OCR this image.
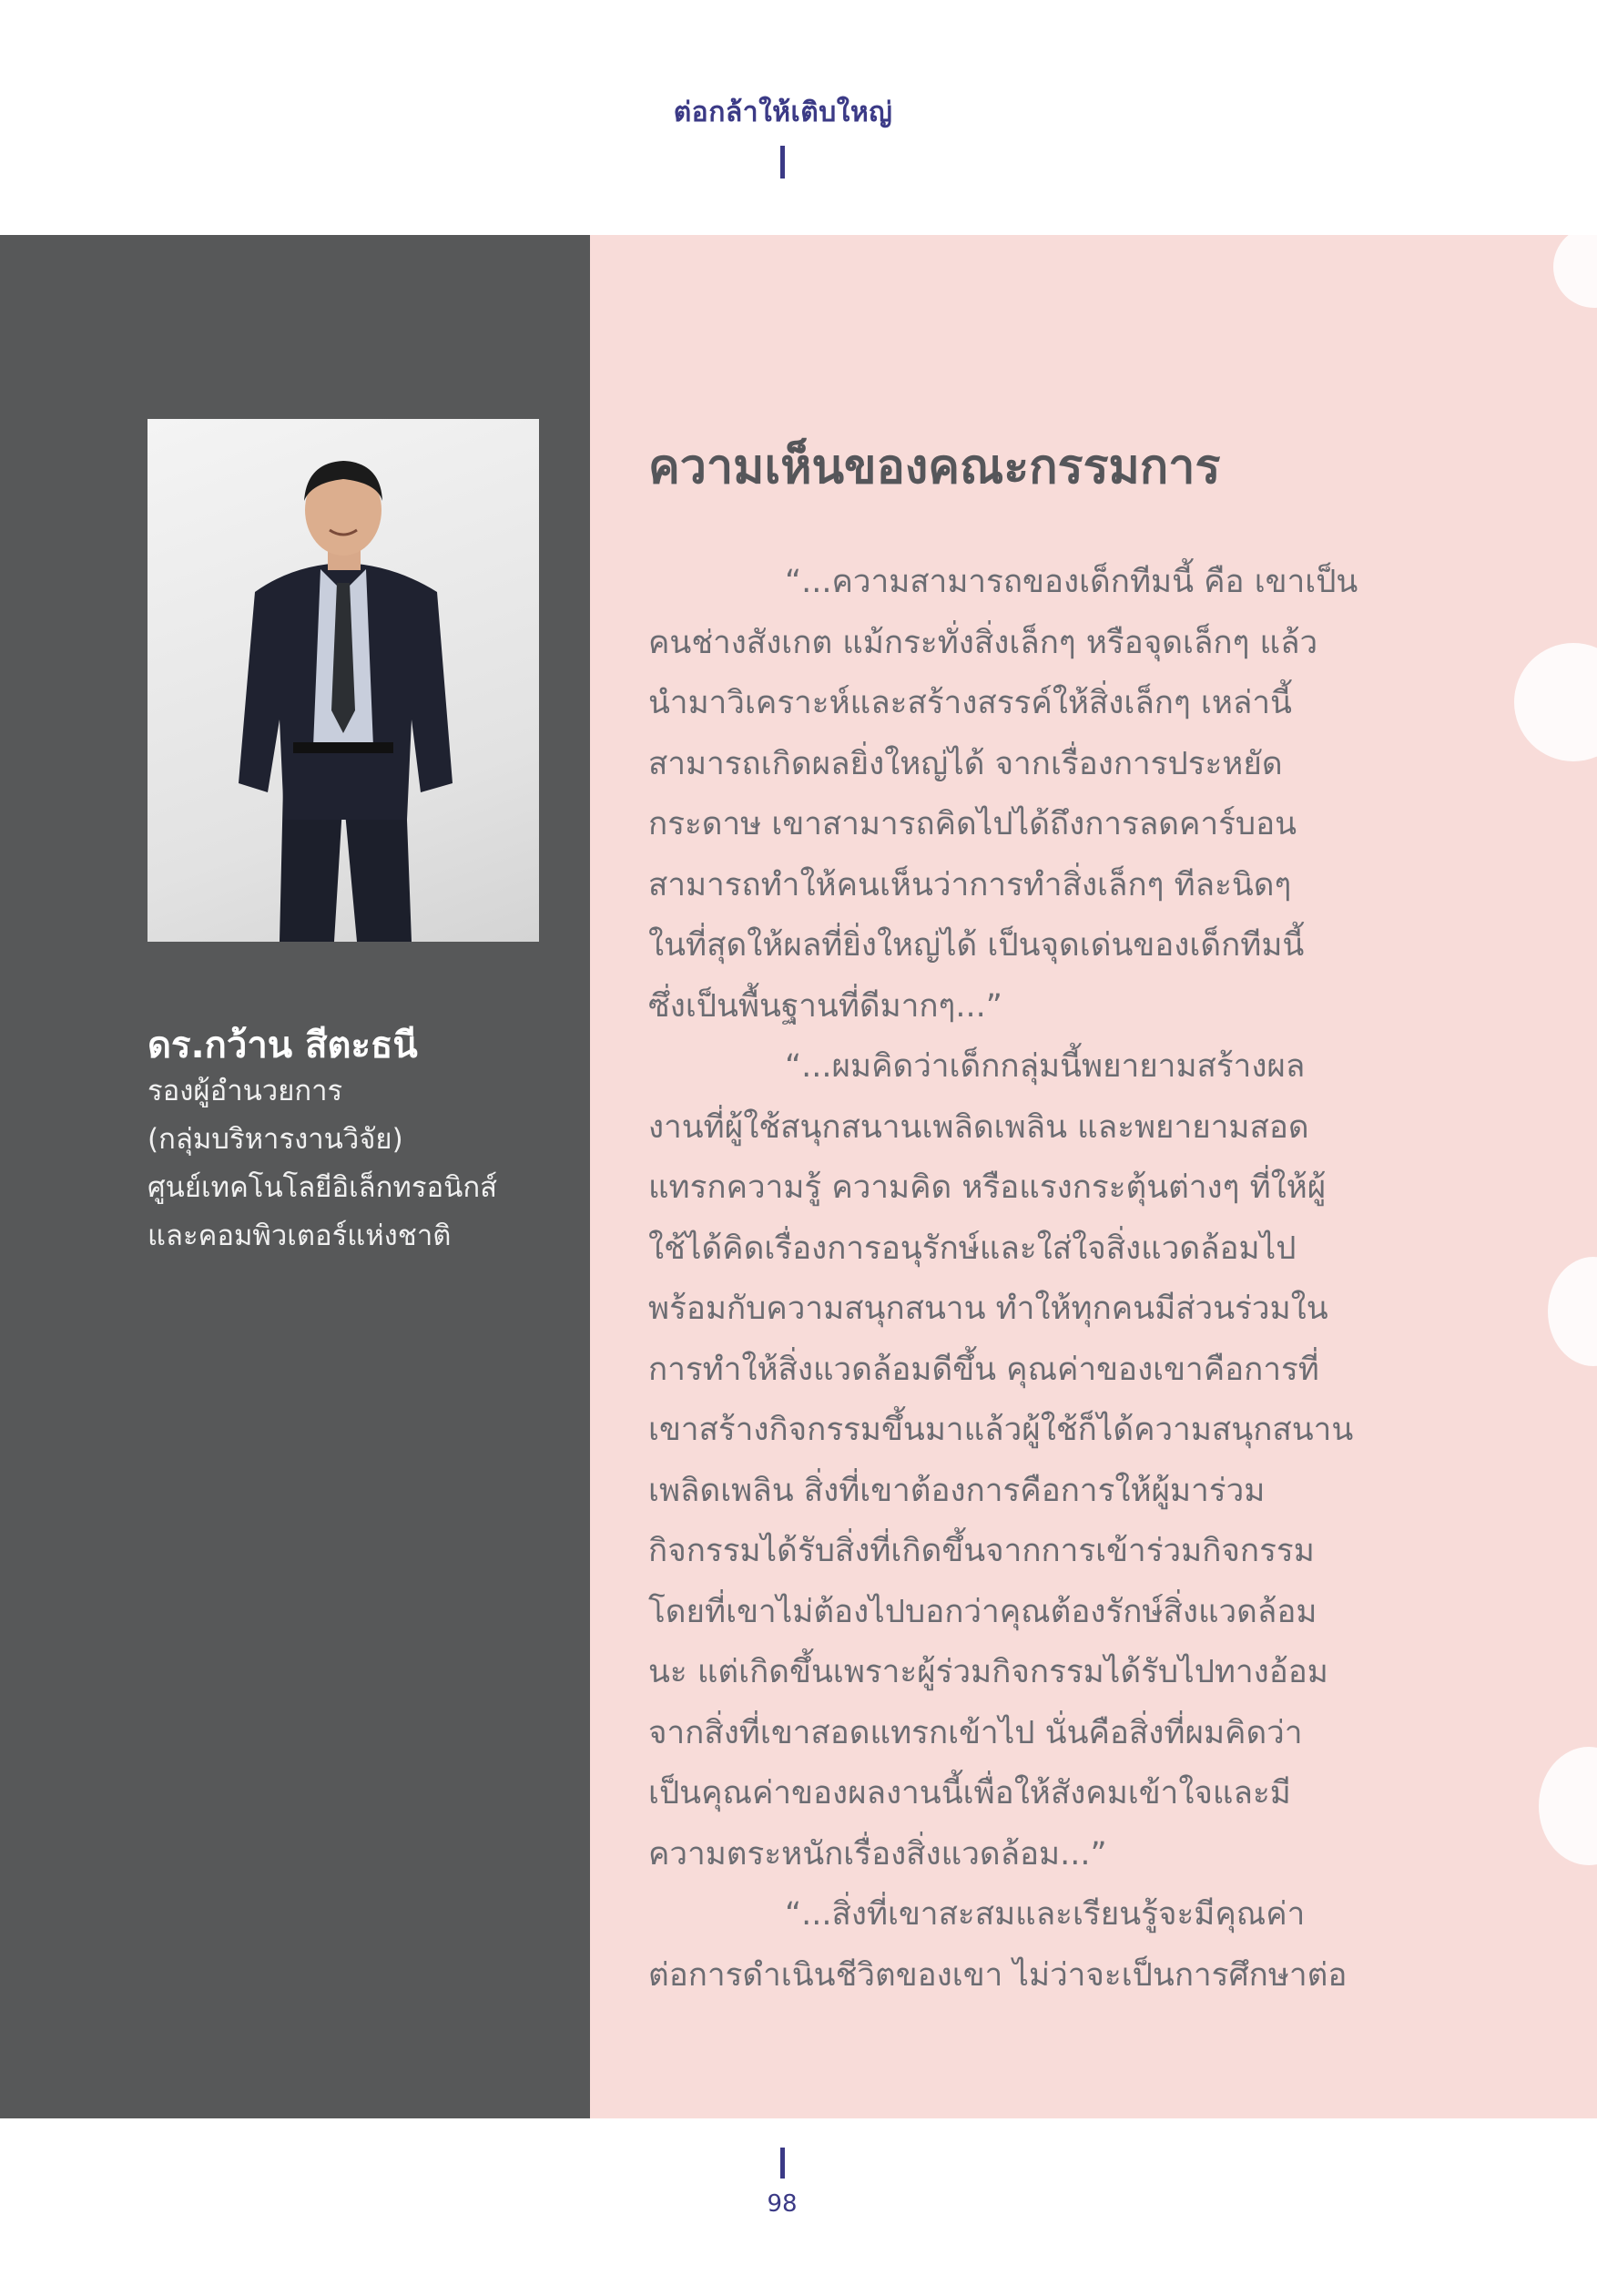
ต่อกล้าให้เติบใหญ่
ดร.กว้าน สีตะธนี
รองผู้อำนวยการ
(กลุ่มบริหารงานวิจัย)
ศูนย์เทคโนโลยีอิเล็กทรอนิกส์
และคอมพิวเตอร์แห่งชาติ
ความเห็นของคณะกรรมการ
“...ความสามารถของเด็กทีมนี้ คือ เขาเป็น
คนช่างสังเกต แม้กระทั่งสิ่งเล็กๆ หรือจุดเล็กๆ แล้ว
นำมาวิเคราะห์และสร้างสรรค์ให้สิ่งเล็กๆ เหล่านี้
สามารถเกิดผลยิ่งใหญ่ได้ จากเรื่องการประหยัด
กระดาษ เขาสามารถคิดไปได้ถึงการลดคาร์บอน
สามารถทำให้คนเห็นว่าการทำสิ่งเล็กๆ ทีละนิดๆ
ในที่สุดให้ผลที่ยิ่งใหญ่ได้ เป็นจุดเด่นของเด็กทีมนี้
ซึ่งเป็นพื้นฐานที่ดีมากๆ...”
“...ผมคิดว่าเด็กกลุ่มนี้พยายามสร้างผล
งานที่ผู้ใช้สนุกสนานเพลิดเพลิน และพยายามสอด
แทรกความรู้ ความคิด หรือแรงกระตุ้นต่างๆ ที่ให้ผู้
ใช้ได้คิดเรื่องการอนุรักษ์และใส่ใจสิ่งแวดล้อมไป
พร้อมกับความสนุกสนาน ทำให้ทุกคนมีส่วนร่วมใน
การทำให้สิ่งแวดล้อมดีขึ้น คุณค่าของเขาคือการที่
เขาสร้างกิจกรรมขึ้นมาแล้วผู้ใช้ก็ได้ความสนุกสนาน
เพลิดเพลิน สิ่งที่เขาต้องการคือการให้ผู้มาร่วม
กิจกรรมได้รับสิ่งที่เกิดขึ้นจากการเข้าร่วมกิจกรรม
โดยที่เขาไม่ต้องไปบอกว่าคุณต้องรักษ์สิ่งแวดล้อม
นะ แต่เกิดขึ้นเพราะผู้ร่วมกิจกรรมได้รับไปทางอ้อม
จากสิ่งที่เขาสอดแทรกเข้าไป นั่นคือสิ่งที่ผมคิดว่า
เป็นคุณค่าของผลงานนี้เพื่อให้สังคมเข้าใจและมี
ความตระหนักเรื่องสิ่งแวดล้อม...”
“...สิ่งที่เขาสะสมและเรียนรู้จะมีคุณค่า
ต่อการดำเนินชีวิตของเขา ไม่ว่าจะเป็นการศึกษาต่อ
98
